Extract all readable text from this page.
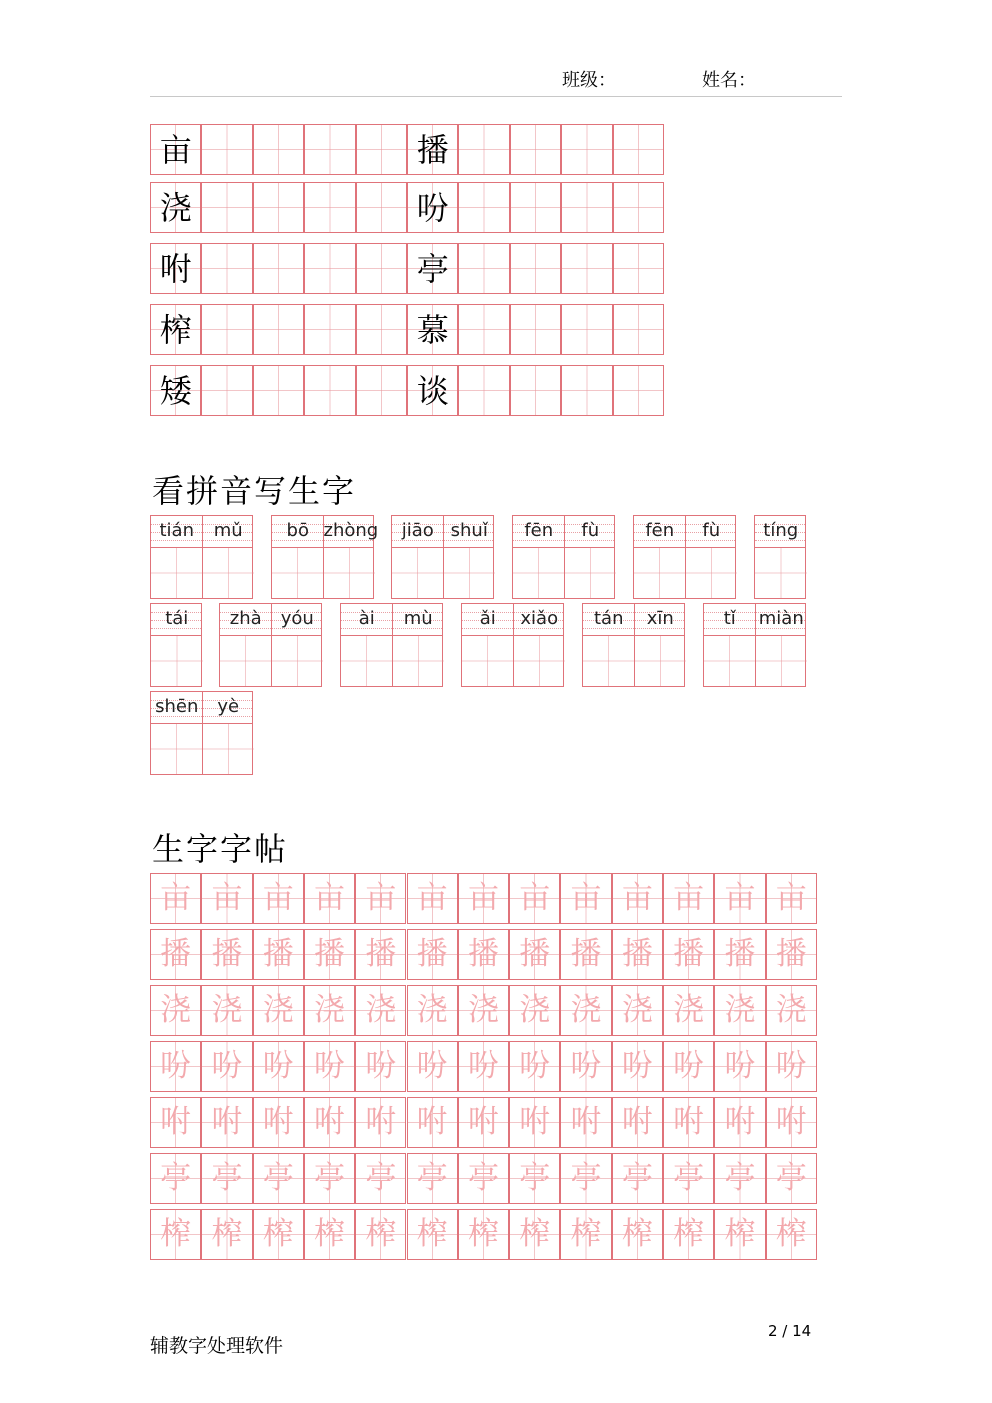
班级：	姓名：
亩	播
浇	吩
咐	亭
榨	慕
矮	谈
看拼音写生字
tián	mǔ	bō zhòng	jiāo shuǐ	fēn	fù	fēn	fù	tíng
tái	zhà	yóu	ài	mù	ǎi	xiǎo	tán	xīn	tǐ	miàn
shēn	yè
生字字帖
亩 亩 亩 亩 亩 亩 亩 亩 亩 亩 亩 亩 亩
播 播 播 播 播 播 播 播 播 播 播 播 播
浇 浇 浇 浇 浇 浇 浇 浇 浇 浇 浇 浇 浇
吩 吩 吩 吩 吩 吩 吩 吩 吩 吩 吩 吩 吩
咐 咐 咐 咐 咐 咐 咐 咐 咐 咐 咐 咐 咐
亭 亭 亭 亭 亭 亭 亭 亭 亭 亭 亭 亭 亭
榨 榨 榨 榨 榨 榨 榨 榨 榨 榨 榨 榨 榨
辅教字处理软件
2 / 14
